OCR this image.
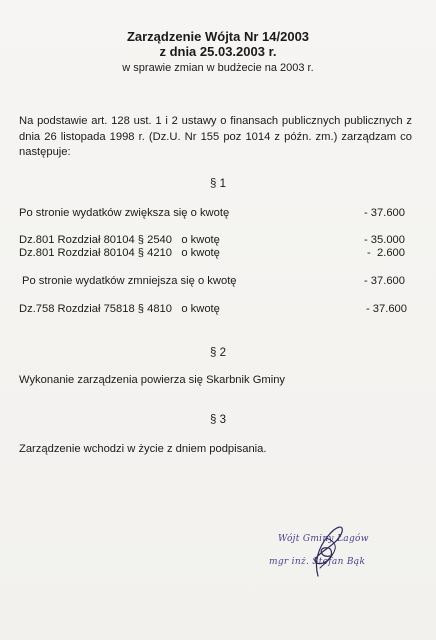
Zarządzenie Wójta Nr 14/2003
z dnia 25.03.2003 r.
w sprawie zmian w budżecie na 2003 r.
Na podstawie art. 128 ust. 1 i 2 ustawy o finansach publicznych publicznych z dnia 26 listopada 1998 r. (Dz.U. Nr 155 poz 1014 z późn. zm.) zarządzam co następuje:
§ 1
Po stronie wydatków zwiększa się o kwotę	- 37.600
Dz.801 Rozdział 80104 § 2540   o kwotę	- 35.000
Dz.801 Rozdział 80104 § 4210   o kwotę	-  2.600
Po stronie wydatków zmniejsza się o kwotę	- 37.600
Dz.758 Rozdział 75818 § 4810   o kwotę	- 37.600
§ 2
Wykonanie zarządzenia powierza się Skarbnik Gminy
§ 3
Zarządzenie wchodzi w życie z dniem podpisania.
Wójt Gminy Łagów
mgr inż. Stefan Bąk
